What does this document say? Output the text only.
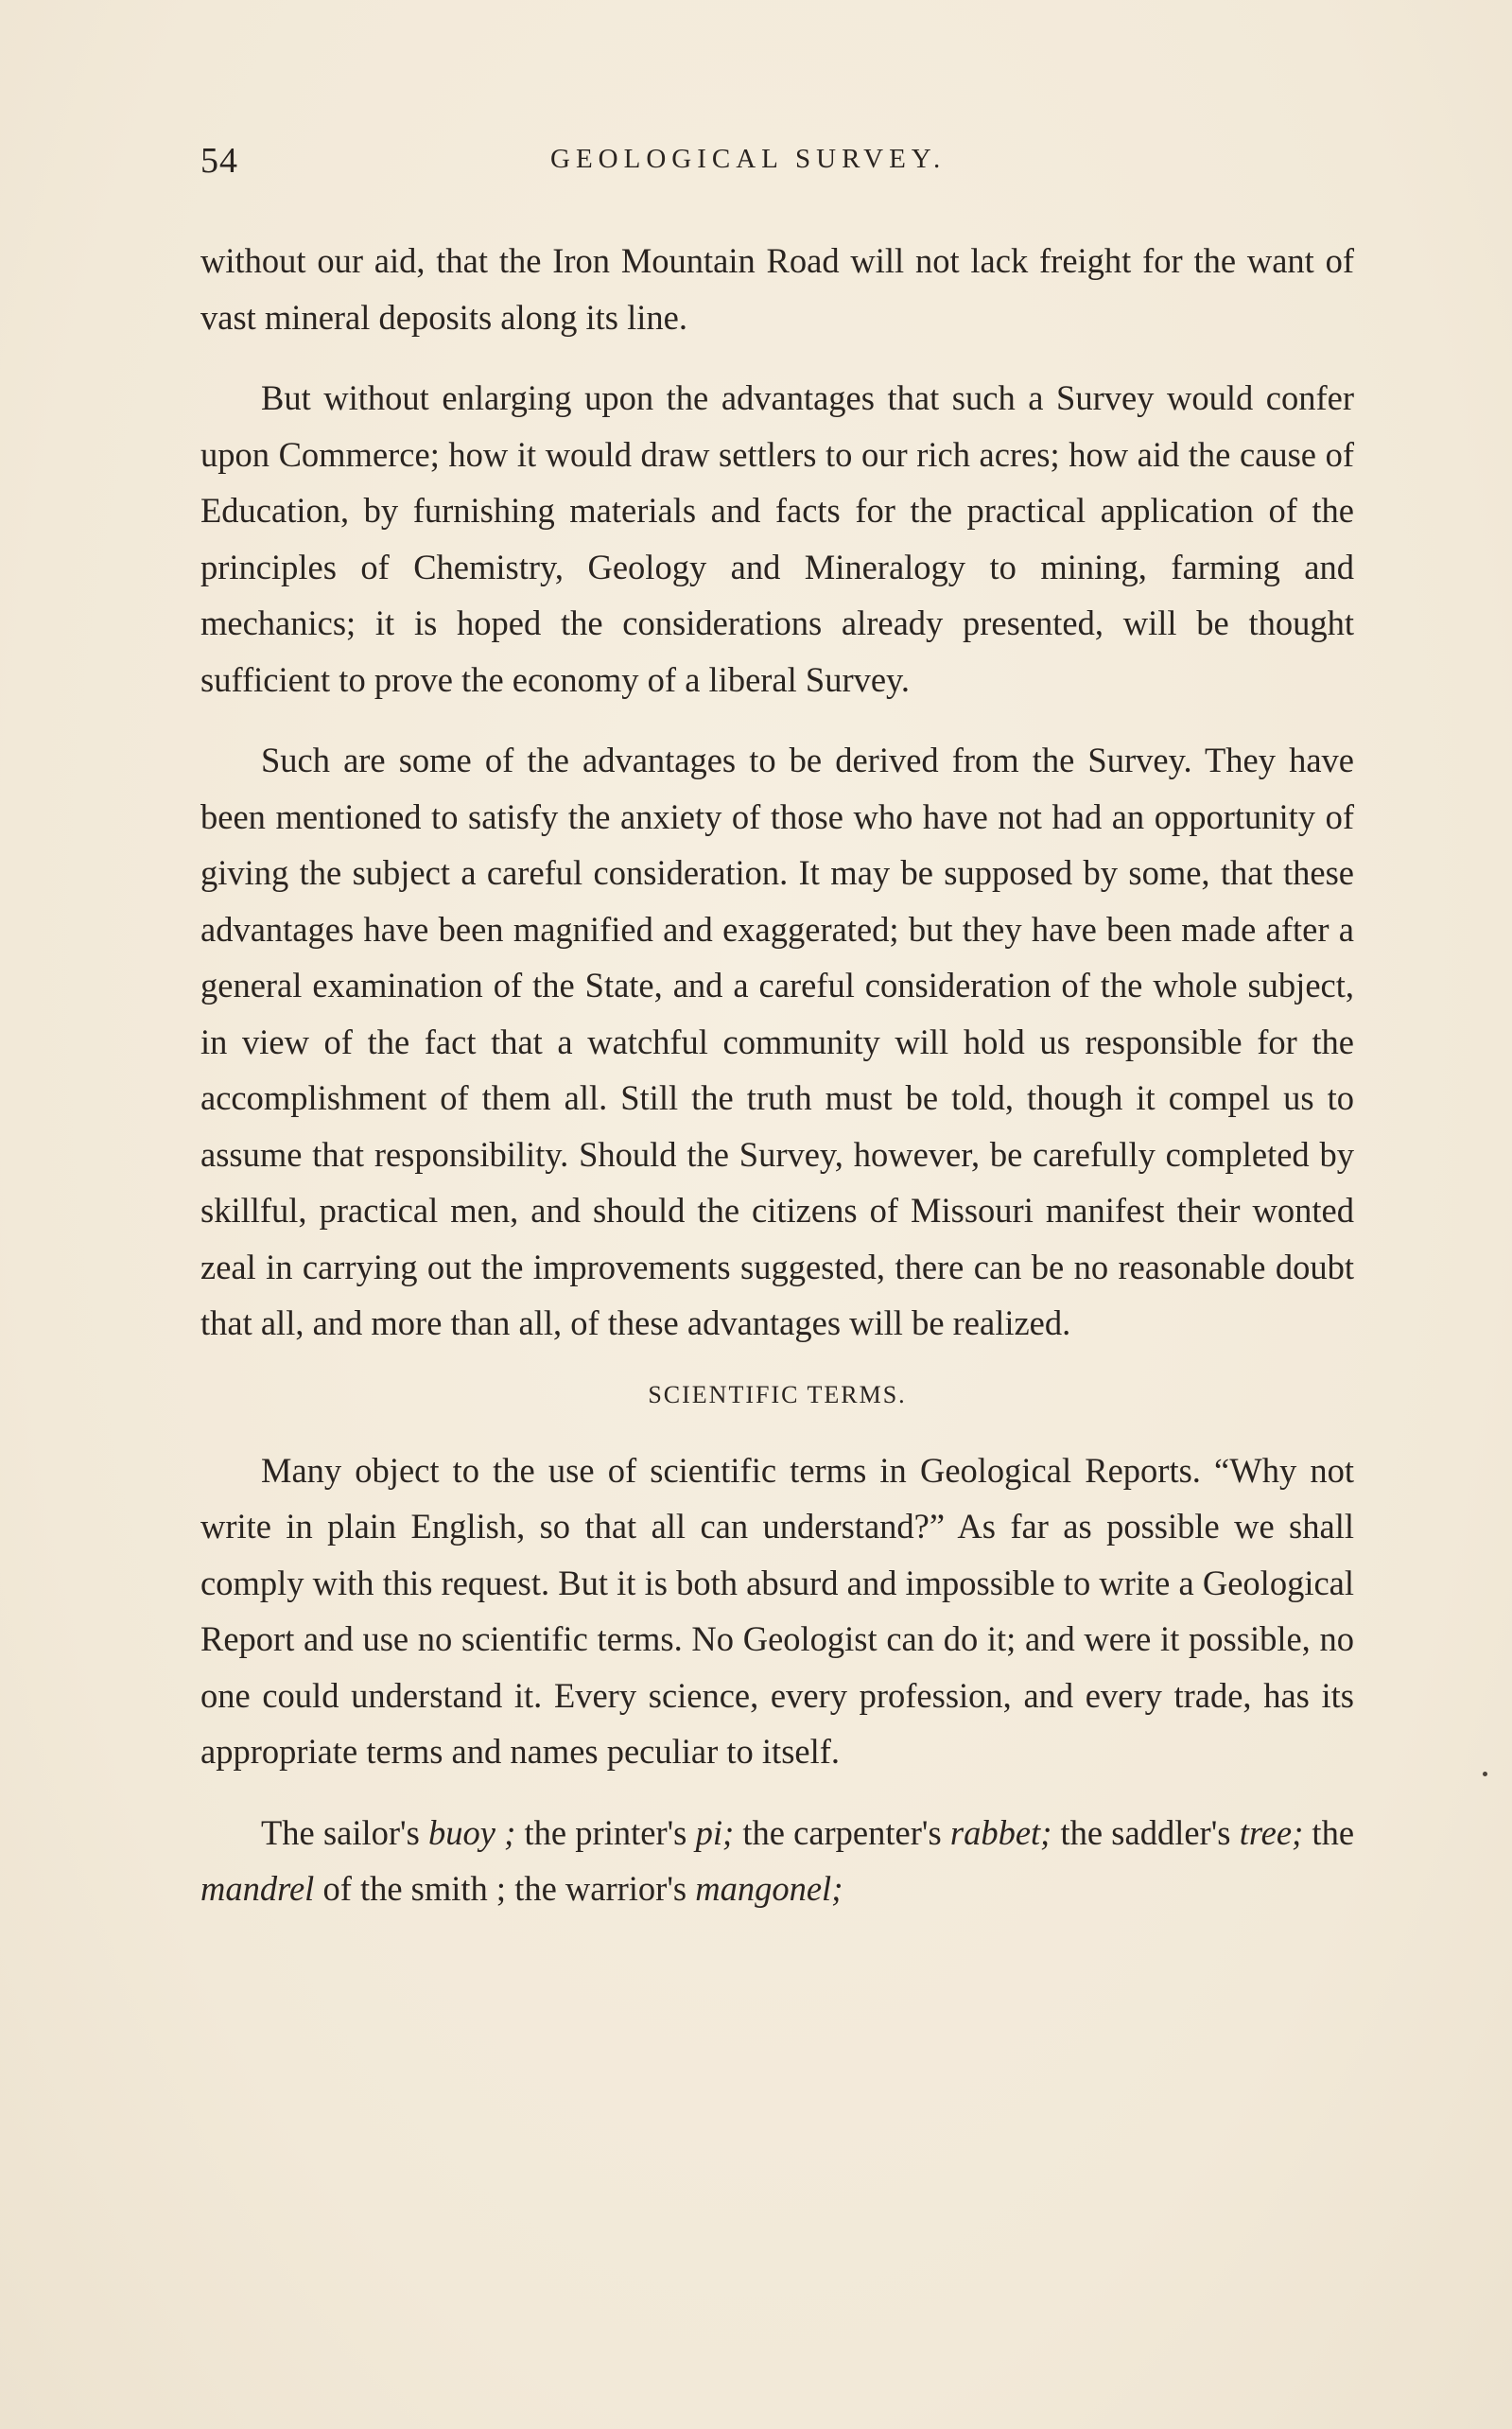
54	GEOLOGICAL SURVEY.

without our aid, that the Iron Mountain Road will not lack freight for the want of vast mineral deposits along its line.

But without enlarging upon the advantages that such a Survey would confer upon Commerce; how it would draw settlers to our rich acres; how aid the cause of Education, by furnishing materials and facts for the practical application of the principles of Chemistry, Geology and Mineralogy to mining, farming and mechanics; it is hoped the considerations already presented, will be thought sufficient to prove the economy of a liberal Survey.

Such are some of the advantages to be derived from the Survey. They have been mentioned to satisfy the anxiety of those who have not had an opportunity of giving the subject a careful consideration. It may be supposed by some, that these advantages have been magnified and exaggerated; but they have been made after a general examination of the State, and a careful consideration of the whole subject, in view of the fact that a watchful community will hold us responsible for the accomplishment of them all. Still the truth must be told, though it compel us to assume that responsibility. Should the Survey, however, be carefully completed by skillful, practical men, and should the citizens of Missouri manifest their wonted zeal in carrying out the improvements suggested, there can be no reasonable doubt that all, and more than all, of these advantages will be realized.

SCIENTIFIC TERMS.

Many object to the use of scientific terms in Geological Reports. “Why not write in plain English, so that all can understand?” As far as possible we shall comply with this request. But it is both absurd and impossible to write a Geological Report and use no scientific terms. No Geologist can do it; and were it possible, no one could understand it. Every science, every profession, and every trade, has its appropriate terms and names peculiar to itself.

The sailor's buoy ; the printer's pi; the carpenter's rabbet; the saddler's tree; the mandrel of the smith ; the warrior's mangonel;
